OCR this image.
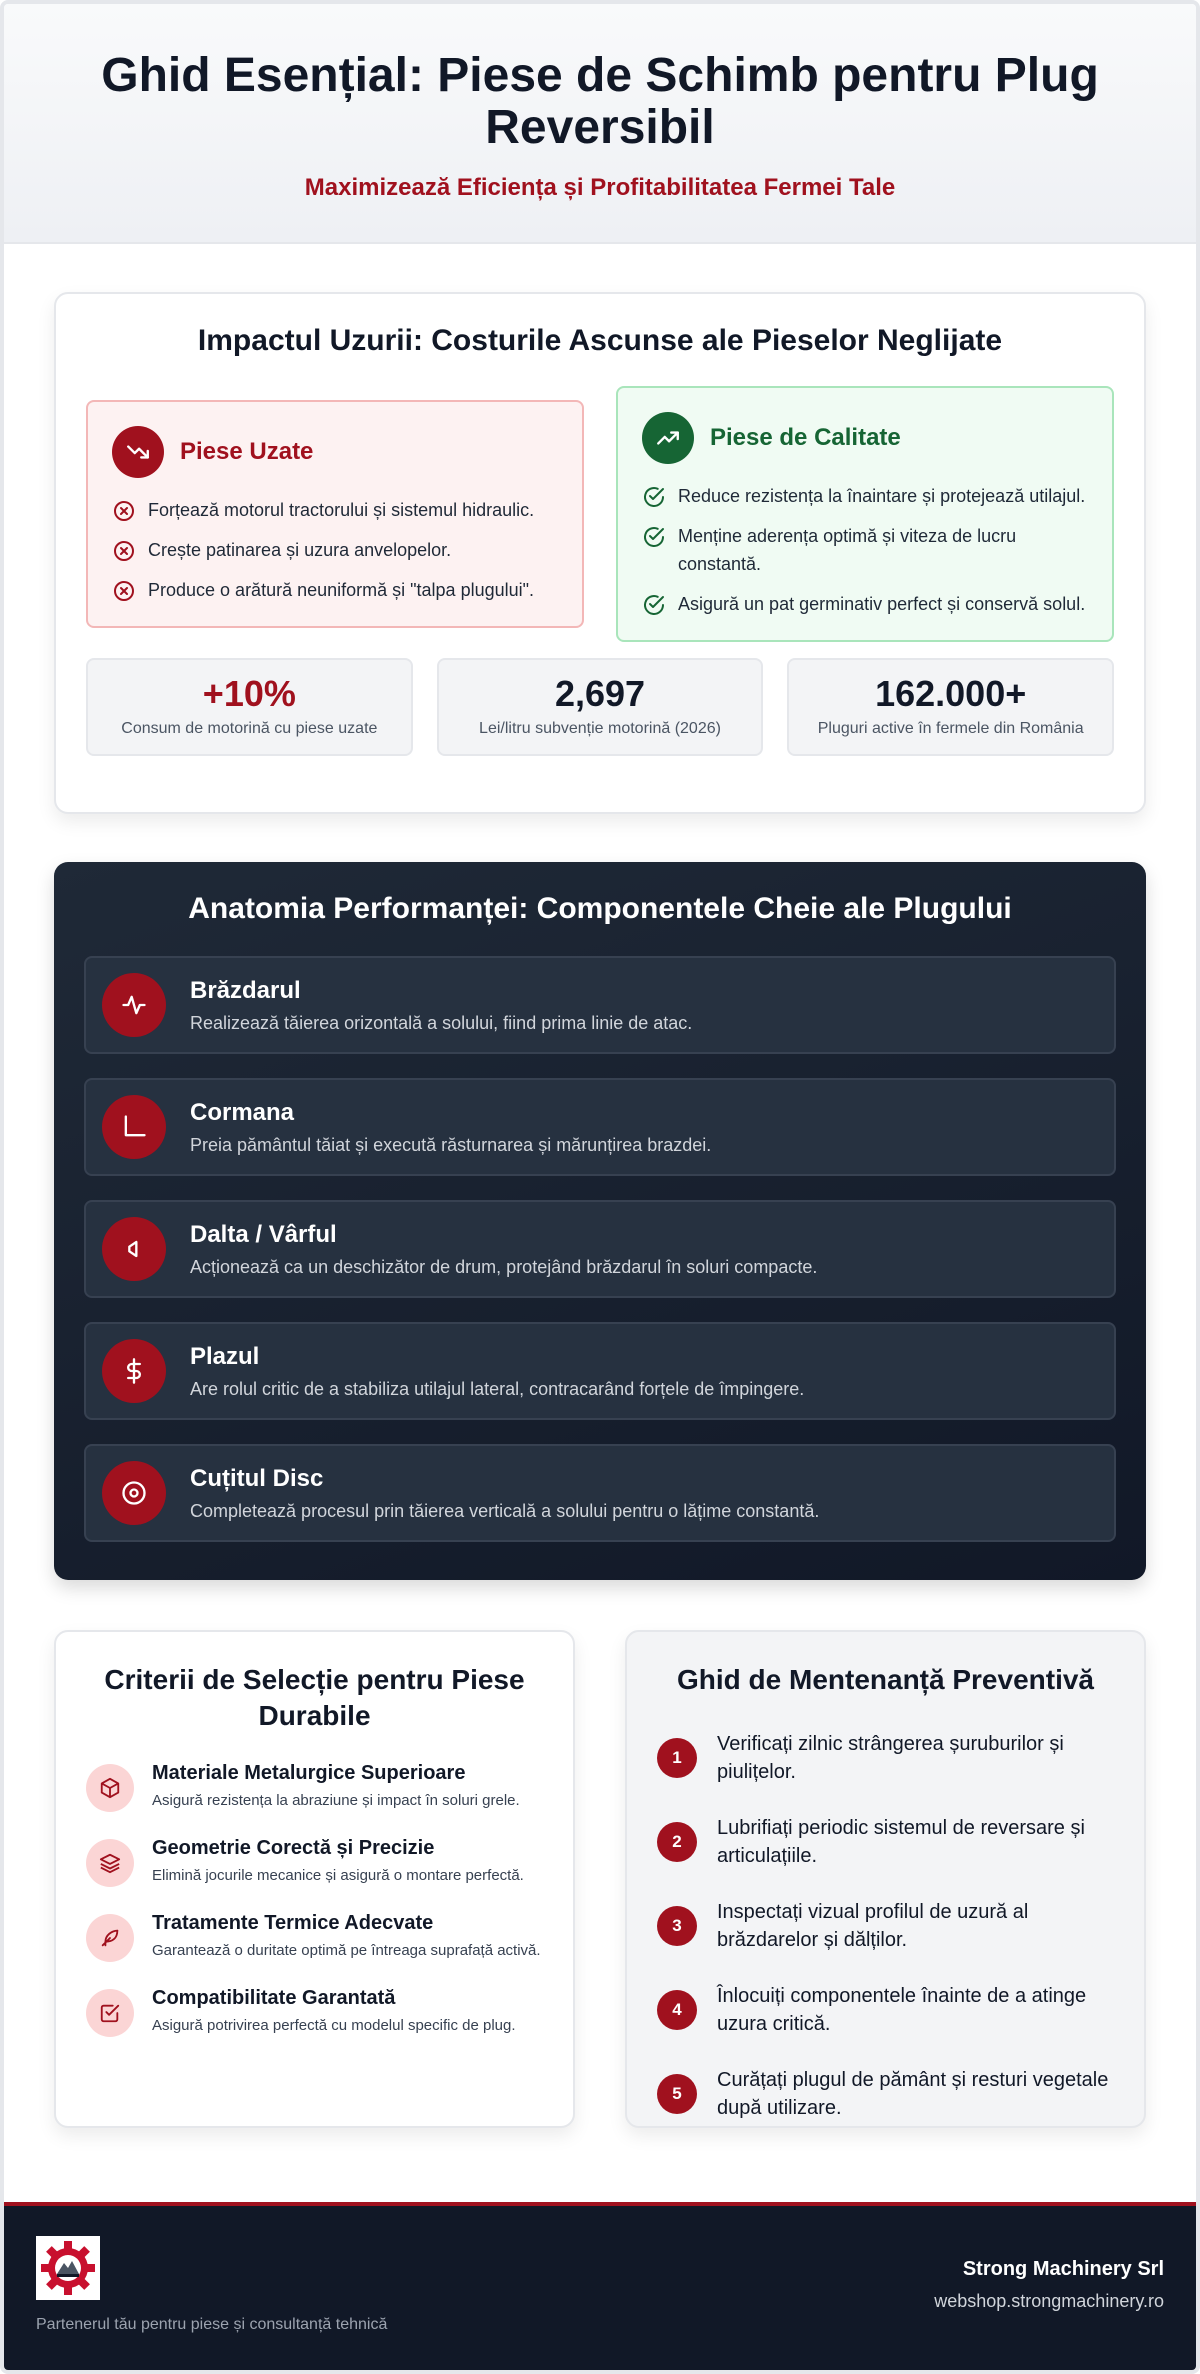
Ghid Esențial: Piese de Schimb pentru Plug Reversibil
Maximizează Eficiența și Profitabilitatea Fermei Tale
Impactul Uzurii: Costurile Ascunse ale Pieselor Neglijate
Piese Uzate
Forțează motorul tractorului și sistemul hidraulic.
Crește patinarea și uzura anvelopelor.
Produce o arătură neuniformă și "talpa plugului".
Piese de Calitate
Reduce rezistența la înaintare și protejează utilajul.
Menține aderența optimă și viteza de lucru constantă.
Asigură un pat germinativ perfect și conservă solul.
+10%
Consum de motorină cu piese uzate
2,697
Lei/litru subvenție motorină (2026)
162.000+
Pluguri active în fermele din România
Anatomia Performanței: Componentele Cheie ale Plugului
Brăzdarul
Realizează tăierea orizontală a solului, fiind prima linie de atac.
Cormana
Preia pământul tăiat și execută răsturnarea și mărunțirea brazdei.
Dalta / Vârful
Acționează ca un deschizător de drum, protejând brăzdarul în soluri compacte.
Plazul
Are rolul critic de a stabiliza utilajul lateral, contracarând forțele de împingere.
Cuțitul Disc
Completează procesul prin tăierea verticală a solului pentru o lățime constantă.
Criterii de Selecție pentru Piese Durabile
Materiale Metalurgice Superioare
Asigură rezistența la abraziune și impact în soluri grele.
Geometrie Corectă și Precizie
Elimină jocurile mecanice și asigură o montare perfectă.
Tratamente Termice Adecvate
Garantează o duritate optimă pe întreaga suprafață activă.
Compatibilitate Garantată
Asigură potrivirea perfectă cu modelul specific de plug.
Ghid de Mentenanță Preventivă
1
Verificați zilnic strângerea șuruburilor și piulițelor.
2
Lubrifiați periodic sistemul de reversare și articulațiile.
3
Inspectați vizual profilul de uzură al brăzdarelor și dălților.
4
Înlocuiți componentele înainte de a atinge uzura critică.
5
Curățați plugul de pământ și resturi vegetale după utilizare.
Partenerul tău pentru piese și consultanță tehnică
Strong Machinery Srl
webshop.strongmachinery.ro
